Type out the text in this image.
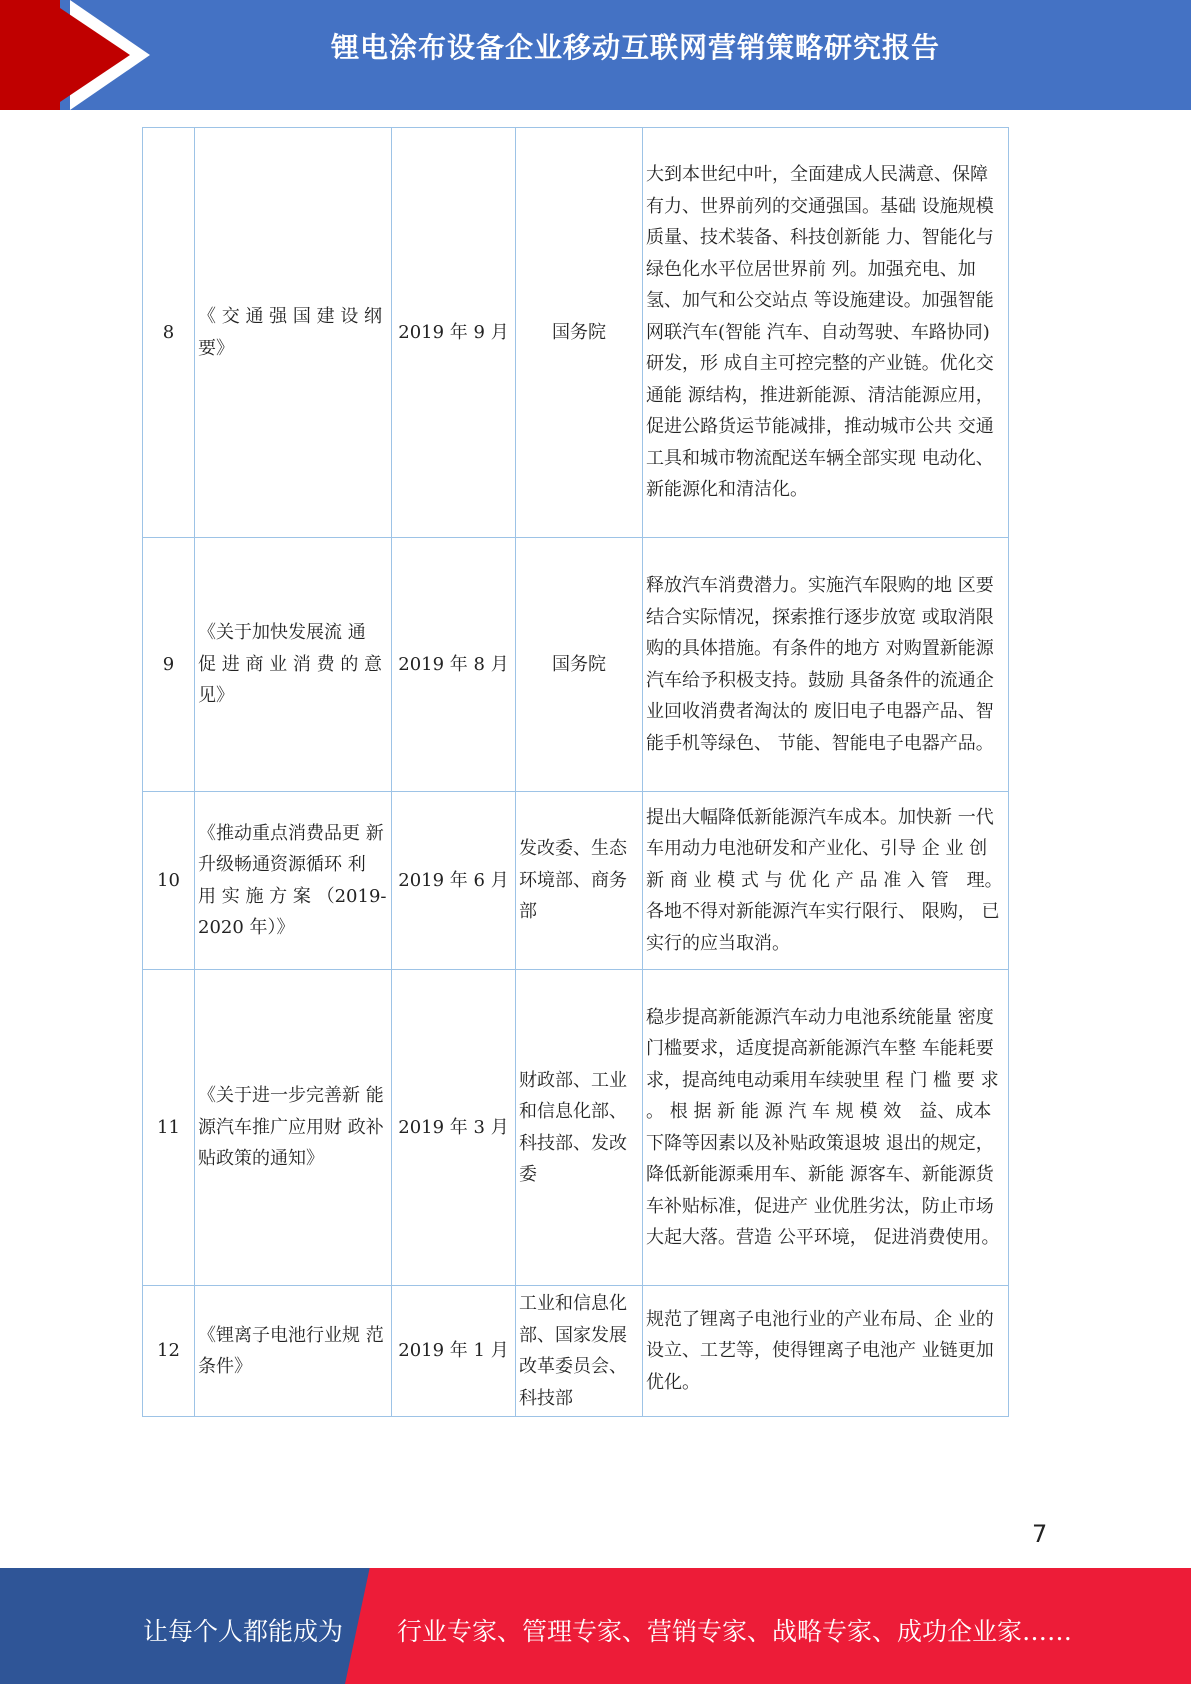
锂电涂布设备企业移动互联网营销策略研究报告
8	《 交 通 强 国 建 设 纲　要》	2019 年 9 月	国务院	大到本世纪中叶，全面建成人民满意、保障有力、世界前列的交通强国。基础 设施规模质量、技术装备、科技创新能 力、智能化与绿色化水平位居世界前 列。加强充电、加氢、加气和公交站点 等设施建设。加强智能网联汽车(智能 汽车、自动驾驶、车路协同) 研发，形 成自主可控完整的产业链。优化交通能 源结构，推进新能源、清洁能源应用， 促进公路货运节能减排，推动城市公共 交通工具和城市物流配送车辆全部实现 电动化、新能源化和清洁化。
9	《关于加快发展流 通 促 进 商 业 消 费 的 意　见》	2019 年 8 月	国务院	释放汽车消费潜力。实施汽车限购的地 区要结合实际情况，探索推行逐步放宽 或取消限购的具体措施。有条件的地方 对购置新能源汽车给予积极支持。鼓励 具备条件的流通企业回收消费者淘汰的 废旧电子电器产品、智能手机等绿色、 节能、智能电子电器产品。
10	《推动重点消费品更 新升级畅通资源循环 利 用 实 施 方 案 （2019-2020 年）》	2019 年 6 月	发改委、生态环境部、商务部	提出大幅降低新能源汽车成本。加快新 一代车用动力电池研发和产业化、引导 企 业 创 新 商 业 模 式 与 优 化 产 品 准 入 管　理。各地不得对新能源汽车实行限行、 限购， 已实行的应当取消。
11	《关于进一步完善新 能源汽车推广应用财 政补贴政策的通知》	2019 年 3 月	财政部、工业和信息化部、科技部、发改委	稳步提高新能源汽车动力电池系统能量 密度门槛要求，适度提高新能源汽车整 车能耗要求，提高纯电动乘用车续驶里 程 门 槛 要 求 。 根 据 新 能 源 汽 车 规 模 效　益、成本下降等因素以及补贴政策退坡 退出的规定，降低新能源乘用车、新能 源客车、新能源货车补贴标准，促进产 业优胜劣汰，防止市场大起大落。营造 公平环境， 促进消费使用。
12	《锂离子电池行业规 范条件》	2019 年 1 月	工业和信息化部、国家发展改革委员会、科技部	规范了锂离子电池行业的产业布局、企 业的设立、工艺等，使得锂离子电池产 业链更加优化。
7
让每个人都能成为 行业专家、管理专家、营销专家、战略专家、成功企业家……
